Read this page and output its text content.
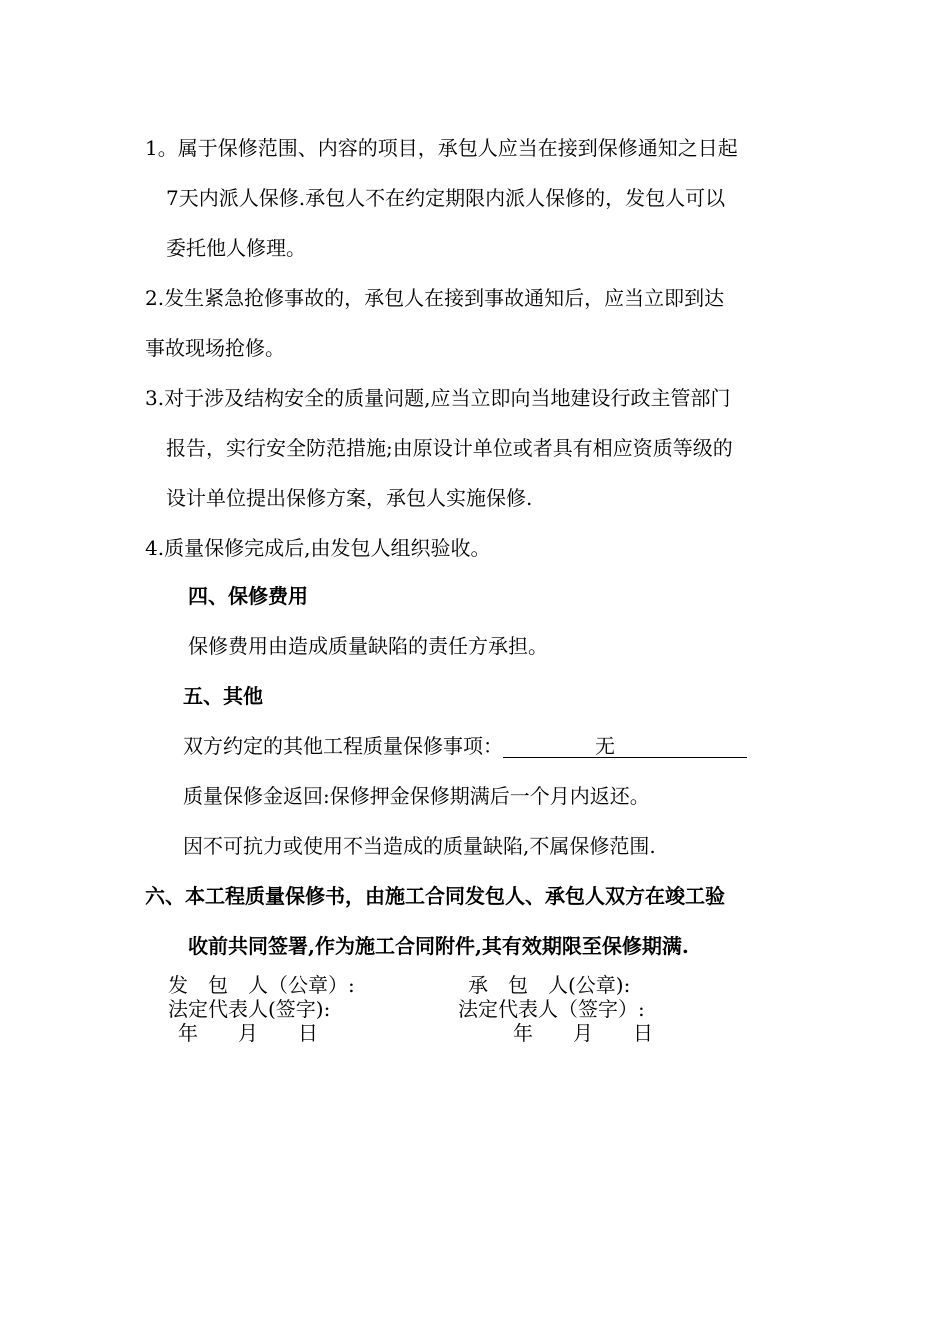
1。属于保修范围、内容的项目，承包人应当在接到保修通知之日起
7天内派人保修.承包人不在约定期限内派人保修的，发包人可以
委托他人修理。
2.发生紧急抢修事故的，承包人在接到事故通知后，应当立即到达
事故现场抢修。
3.对于涉及结构安全的质量问题,应当立即向当地建设行政主管部门
报告，实行安全防范措施;由原设计单位或者具有相应资质等级的
设计单位提出保修方案，承包人实施保修.
4.质量保修完成后,由发包人组织验收。
四、保修费用
保修费用由造成质量缺陷的责任方承担。
五、其他
双方约定的其他工程质量保修事项：	无
质量保修金返回:保修押金保修期满后一个月内返还。
因不可抗力或使用不当造成的质量缺陷,不属保修范围.
六、本工程质量保修书，由施工合同发包人、承包人双方在竣工验
收前共同签署,作为施工合同附件,其有效期限至保修期满.
发　包　人（公章）:	承　包　人(公章):
法定代表人(签字):	法定代表人（签字）:
年　　月　　日	年　　月　　日
